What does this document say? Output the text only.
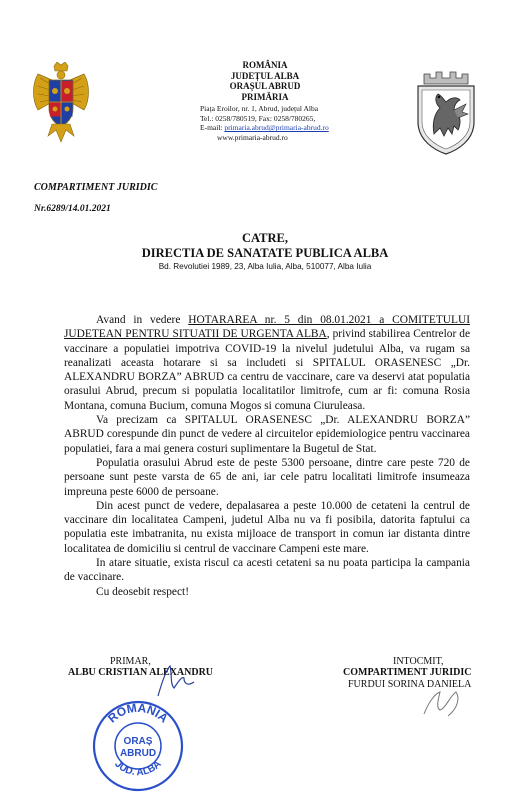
ROMÂNIA
JUDEȚUL ALBA
ORAȘUL ABRUD
PRIMĂRIA
Piața Eroilor, nr. 1, Abrud, județul Alba
Tel.: 0258/780519, Fax: 0258/780265,
E-mail: primaria.abrud@primaria-abrud.ro
www.primaria-abrud.ro
COMPARTIMENT JURIDIC
Nr.6289/14.01.2021
CATRE,
DIRECTIA DE SANATATE PUBLICA ALBA
Bd. Revolutiei 1989, 23, Alba Iulia, Alba, 510077, Alba Iulia
Avand in vedere HOTARAREA nr. 5 din 08.01.2021 a COMITETULUI JUDETEAN PENTRU SITUATII DE URGENTA ALBA, privind stabilirea Centrelor de vaccinare a populatiei impotriva COVID-19 la nivelul judetului Alba, va rugam sa reanalizati aceasta hotarare si sa includeti si SPITALUL ORASENESC „Dr. ALEXANDRU BORZA” ABRUD ca centru de vaccinare, care va deservi atat populatia orasului Abrud, precum si populatia localitatilor limitrofe, cum ar fi: comuna Rosia Montana, comuna Bucium, comuna Mogos si comuna Ciuruleasa.
Va precizam ca SPITALUL ORASENESC „Dr. ALEXANDRU BORZA” ABRUD corespunde din punct de vedere al circuitelor epidemiologice pentru vaccinarea populatiei, fara a mai genera costuri suplimentare la Bugetul de Stat.
Populatia orasului Abrud este de peste 5300 persoane, dintre care peste 720 de persoane sunt peste varsta de 65 de ani, iar cele patru localitati limitrofe insumeaza impreuna peste 6000 de persoane.
Din acest punct de vedere, depalasarea a peste 10.000 de cetateni la centrul de vaccinare din localitatea Campeni, judetul Alba nu va fi posibila, datorita faptului ca populatia este imbatranita, nu exista mijloace de transport in comun iar distanta dintre localitatea de domiciliu si centrul de vaccinare Campeni este mare.
In atare situatie, exista riscul ca acesti cetateni sa nu poata participa la campania de vaccinare.
Cu deosebit respect!
PRIMAR,
ALBU CRISTIAN ALEXANDRU
INTOCMIT,
COMPARTIMENT JURIDIC
FURDUI SORINA DANIELA
ROMÂNIA
JUD. ALBA
ORAȘ
ABRUD
